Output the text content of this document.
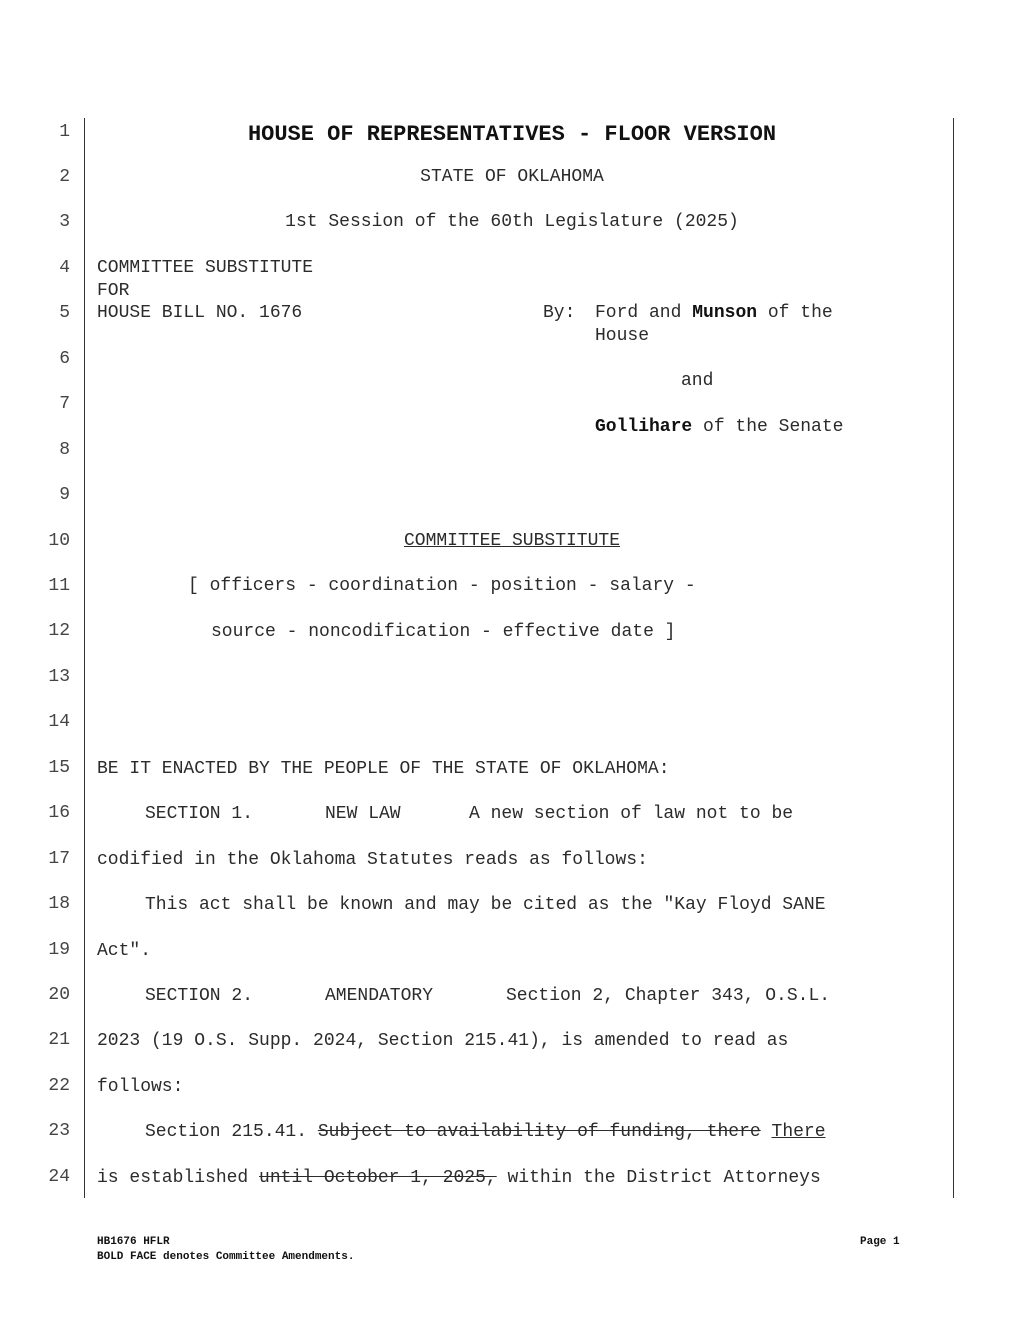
1
2
3
4
5
6
7
8
9
10
11
12
13
14
15
16
17
18
19
20
21
22
23
24
HOUSE OF REPRESENTATIVES - FLOOR VERSION
STATE OF OKLAHOMA
1st Session of the 60th Legislature (2025)
COMMITTEE SUBSTITUTE
FOR
HOUSE BILL NO. 1676	By: Ford and Munson of the
House
and
Gollihare of the Senate
COMMITTEE SUBSTITUTE
[ officers - coordination - position - salary -
source - noncodification - effective date ]
BE IT ENACTED BY THE PEOPLE OF THE STATE OF OKLAHOMA:
SECTION 1.	NEW LAW	A new section of law not to be
codified in the Oklahoma Statutes reads as follows:
This act shall be known and may be cited as the "Kay Floyd SANE
Act".
SECTION 2.	AMENDATORY	Section 2, Chapter 343, O.S.L.
2023 (19 O.S. Supp. 2024, Section 215.41), is amended to read as
follows:
Section 215.41. Subject to availability of funding, there There
is established until October 1, 2025, within the District Attorneys
HB1676 HFLR
BOLD FACE denotes Committee Amendments.
Page 1
